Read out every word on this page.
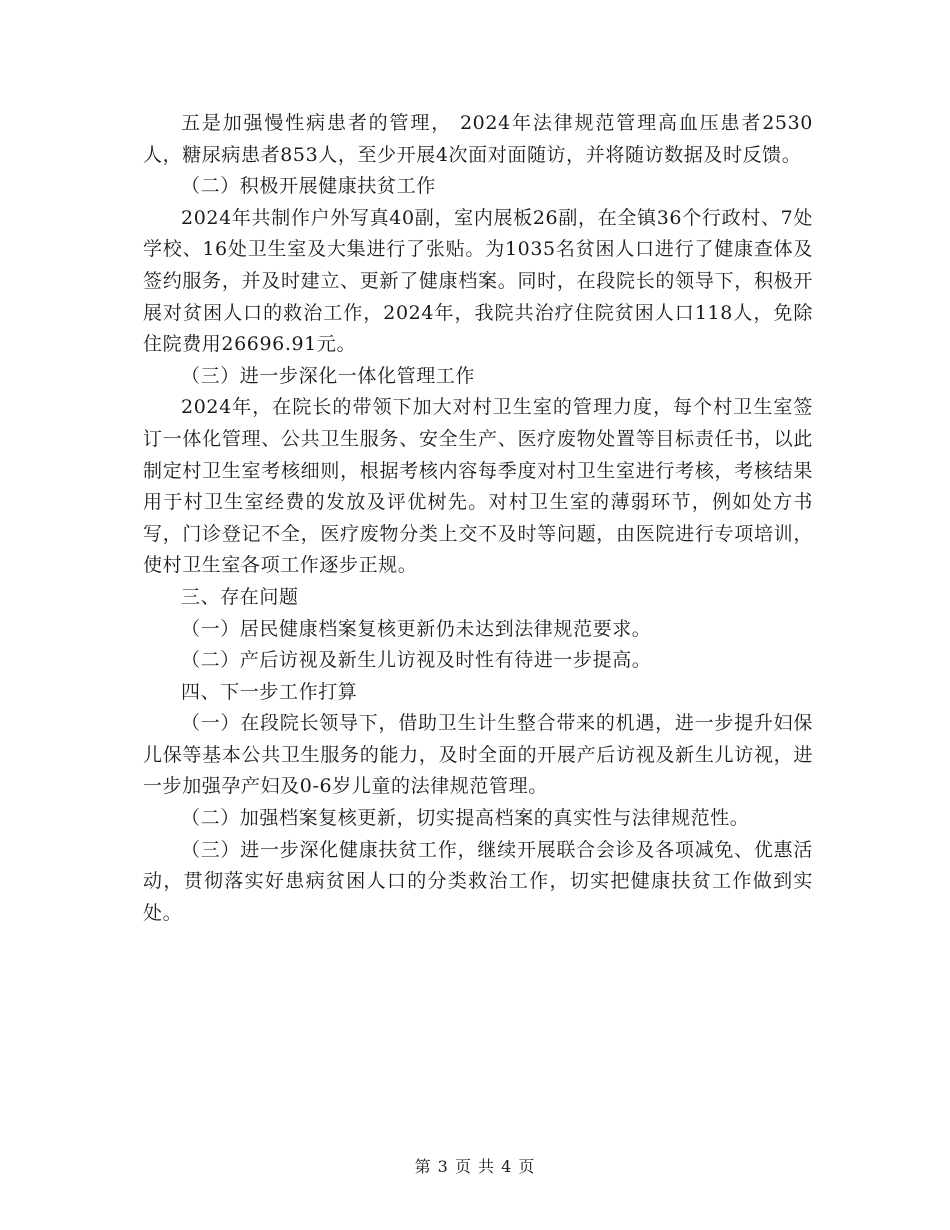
五是加强慢性病患者的管理， 2024年法律规范管理高血压患者2530人，糖尿病患者853人，至少开展4次面对面随访，并将随访数据及时反馈。

（二）积极开展健康扶贫工作

2024年共制作户外写真40副，室内展板26副，在全镇36个行政村、7处学校、16处卫生室及大集进行了张贴。为1035名贫困人口进行了健康查体及签约服务，并及时建立、更新了健康档案。同时，在段院长的领导下，积极开展对贫困人口的救治工作，2024年，我院共治疗住院贫困人口118人，免除住院费用26696.91元。

（三）进一步深化一体化管理工作

2024年，在院长的带领下加大对村卫生室的管理力度，每个村卫生室签订一体化管理、公共卫生服务、安全生产、医疗废物处置等目标责任书，以此制定村卫生室考核细则，根据考核内容每季度对村卫生室进行考核，考核结果用于村卫生室经费的发放及评优树先。对村卫生室的薄弱环节，例如处方书写，门诊登记不全，医疗废物分类上交不及时等问题，由医院进行专项培训，使村卫生室各项工作逐步正规。

三、存在问题

（一）居民健康档案复核更新仍未达到法律规范要求。

（二）产后访视及新生儿访视及时性有待进一步提高。

四、下一步工作打算

（一）在段院长领导下，借助卫生计生整合带来的机遇，进一步提升妇保儿保等基本公共卫生服务的能力，及时全面的开展产后访视及新生儿访视，进一步加强孕产妇及0-6岁儿童的法律规范管理。

（二）加强档案复核更新，切实提高档案的真实性与法律规范性。

（三）进一步深化健康扶贫工作，继续开展联合会诊及各项减免、优惠活动，贯彻落实好患病贫困人口的分类救治工作，切实把健康扶贫工作做到实处。

第 3 页 共 4 页
